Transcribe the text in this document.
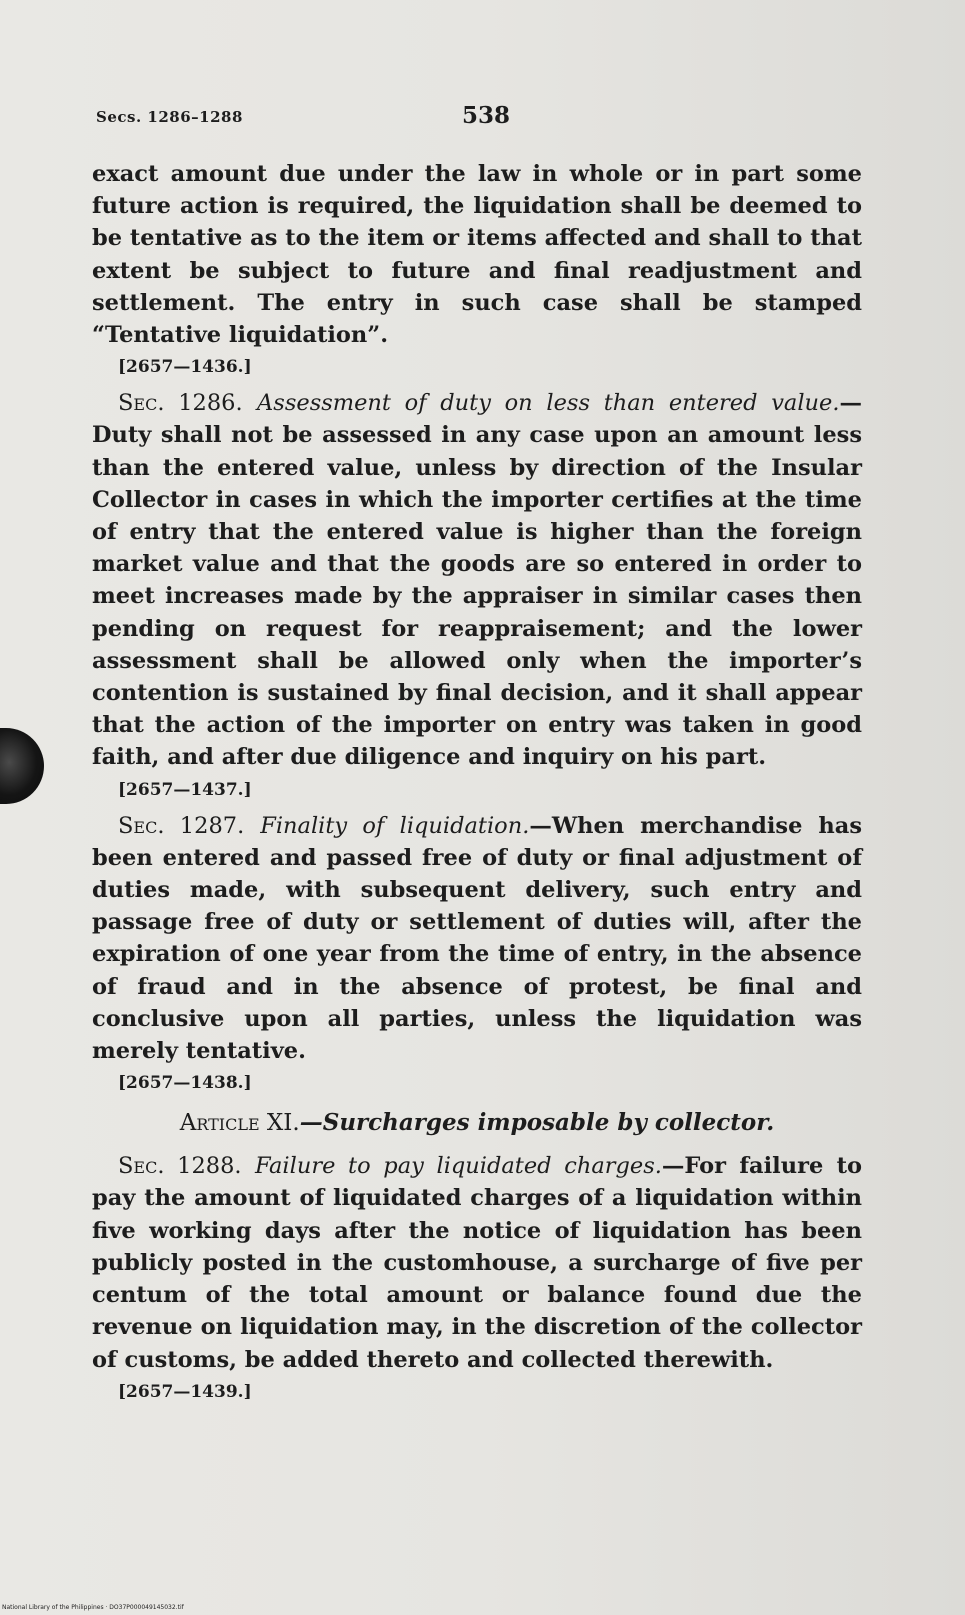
Secs. 1286–1288	538

exact amount due under the law in whole or in part some future action is required, the liquidation shall be deemed to be tentative as to the item or items affected and shall to that extent be subject to future and final readjustment and settlement. The entry in such case shall be stamped “Tentative liquidation”.

[2657—1436.]

Sec. 1286. Assessment of duty on less than entered value.—Duty shall not be assessed in any case upon an amount less than the entered value, unless by direction of the Insular Collector in cases in which the importer certifies at the time of entry that the entered value is higher than the foreign market value and that the goods are so entered in order to meet increases made by the appraiser in similar cases then pending on request for reappraisement; and the lower assessment shall be allowed only when the importer’s contention is sustained by final decision, and it shall appear that the action of the importer on entry was taken in good faith, and after due diligence and inquiry on his part.

[2657—1437.]

Sec. 1287. Finality of liquidation.—When merchandise has been entered and passed free of duty or final adjustment of duties made, with subsequent delivery, such entry and passage free of duty or settlement of duties will, after the expiration of one year from the time of entry, in the absence of fraud and in the absence of protest, be final and conclusive upon all parties, unless the liquidation was merely tentative.

[2657—1438.]
Article XI.—Surcharges imposable by collector.

Sec. 1288. Failure to pay liquidated charges.—For failure to pay the amount of liquidated charges of a liquidation within five working days after the notice of liquidation has been publicly posted in the customhouse, a surcharge of five per centum of the total amount or balance found due the revenue on liquidation may, in the discretion of the collector of customs, be added thereto and collected therewith.

[2657—1439.]
National Library of the Philippines · DO37P000049145032.tif
